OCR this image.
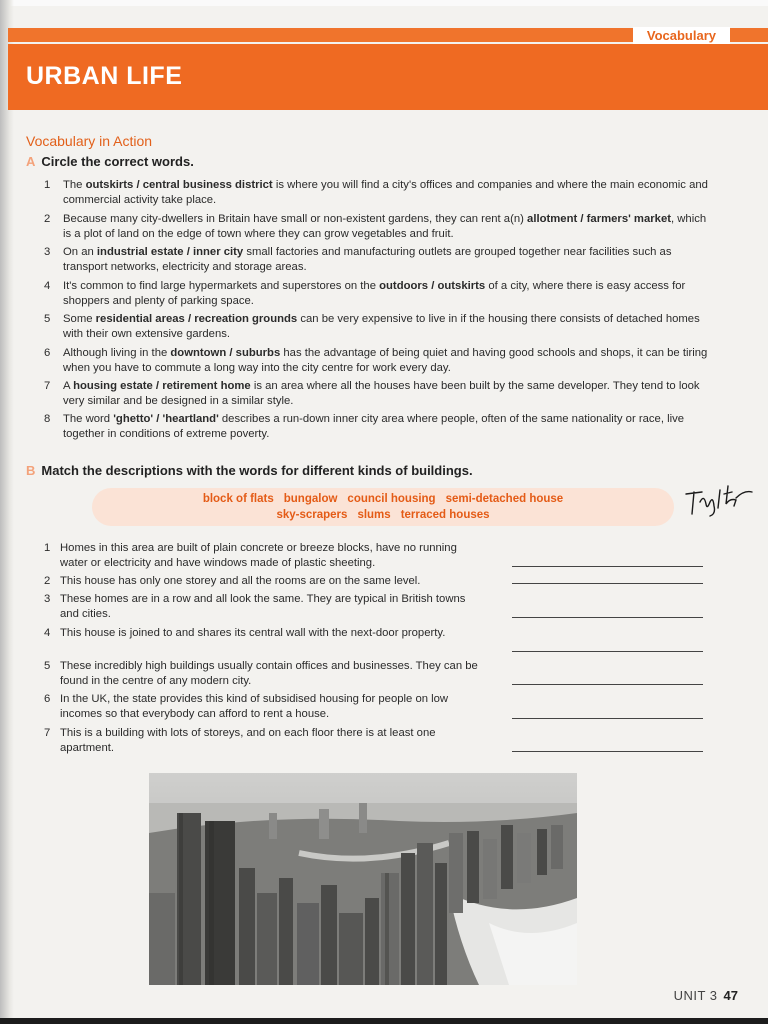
Vocabulary
URBAN LIFE
Vocabulary in Action
A Circle the correct words.
1	The outskirts / central business district is where you will find a city's offices and companies and where the main economic and commercial activity take place.
2	Because many city-dwellers in Britain have small or non-existent gardens, they can rent a(n) allotment / farmers' market, which is a plot of land on the edge of town where they can grow vegetables and fruit.
3	On an industrial estate / inner city small factories and manufacturing outlets are grouped together near facilities such as transport networks, electricity and storage areas.
4	It's common to find large hypermarkets and superstores on the outdoors / outskirts of a city, where there is easy access for shoppers and plenty of parking space.
5	Some residential areas / recreation grounds can be very expensive to live in if the housing there consists of detached homes with their own extensive gardens.
6	Although living in the downtown / suburbs has the advantage of being quiet and having good schools and shops, it can be tiring when you have to commute a long way into the city centre for work every day.
7	A housing estate / retirement home is an area where all the houses have been built by the same developer. They tend to look very similar and be designed in a similar style.
8	The word 'ghetto' / 'heartland' describes a run-down inner city area where people, often of the same nationality or race, live together in conditions of extreme poverty.
B Match the descriptions with the words for different kinds of buildings.
block of flats bungalow council housing semi-detached house
sky-scrapers slums terraced houses
1 Homes in this area are built of plain concrete or breeze blocks, have no running water or electricity and have windows made of plastic sheeting.
2 This house has only one storey and all the rooms are on the same level.
3 These homes are in a row and all look the same. They are typical in British towns and cities.
4 This house is joined to and shares its central wall with the next-door property.
5 These incredibly high buildings usually contain offices and businesses. They can be found in the centre of any modern city.
6 In the UK, the state provides this kind of subsidised housing for people on low incomes so that everybody can afford to rent a house.
7 This is a building with lots of storeys, and on each floor there is at least one apartment.
UNIT 3 47
